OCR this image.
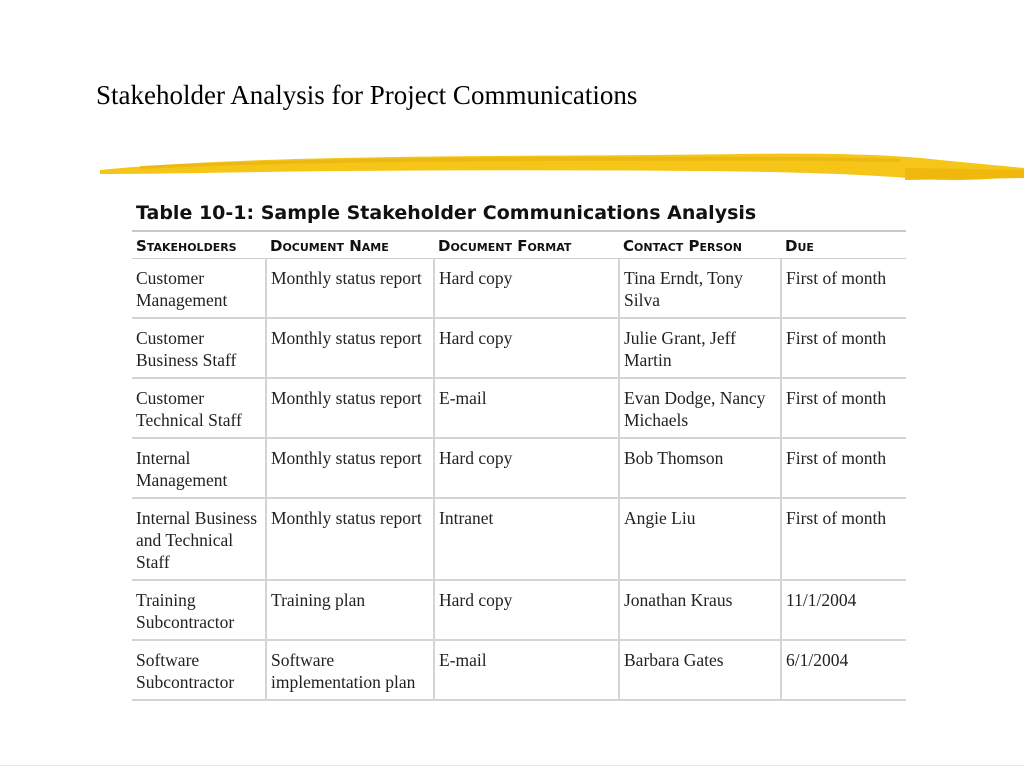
Stakeholder Analysis for Project Communications
Table 10-1: Sample Stakeholder Communications Analysis
Stakeholders	Document Name	Document Format	Contact Person	Due
Customer Management	Monthly status report	Hard copy	Tina Erndt, Tony Silva	First of month
Customer Business Staff	Monthly status report	Hard copy	Julie Grant, Jeff Martin	First of month
Customer Technical Staff	Monthly status report	E-mail	Evan Dodge, Nancy Michaels	First of month
Internal Management	Monthly status report	Hard copy	Bob Thomson	First of month
Internal Business and Technical Staff	Monthly status report	Intranet	Angie Liu	First of month
Training Subcontractor	Training plan	Hard copy	Jonathan Kraus	11/1/2004
Software Subcontractor	Software implementation plan	E-mail	Barbara Gates	6/1/2004
